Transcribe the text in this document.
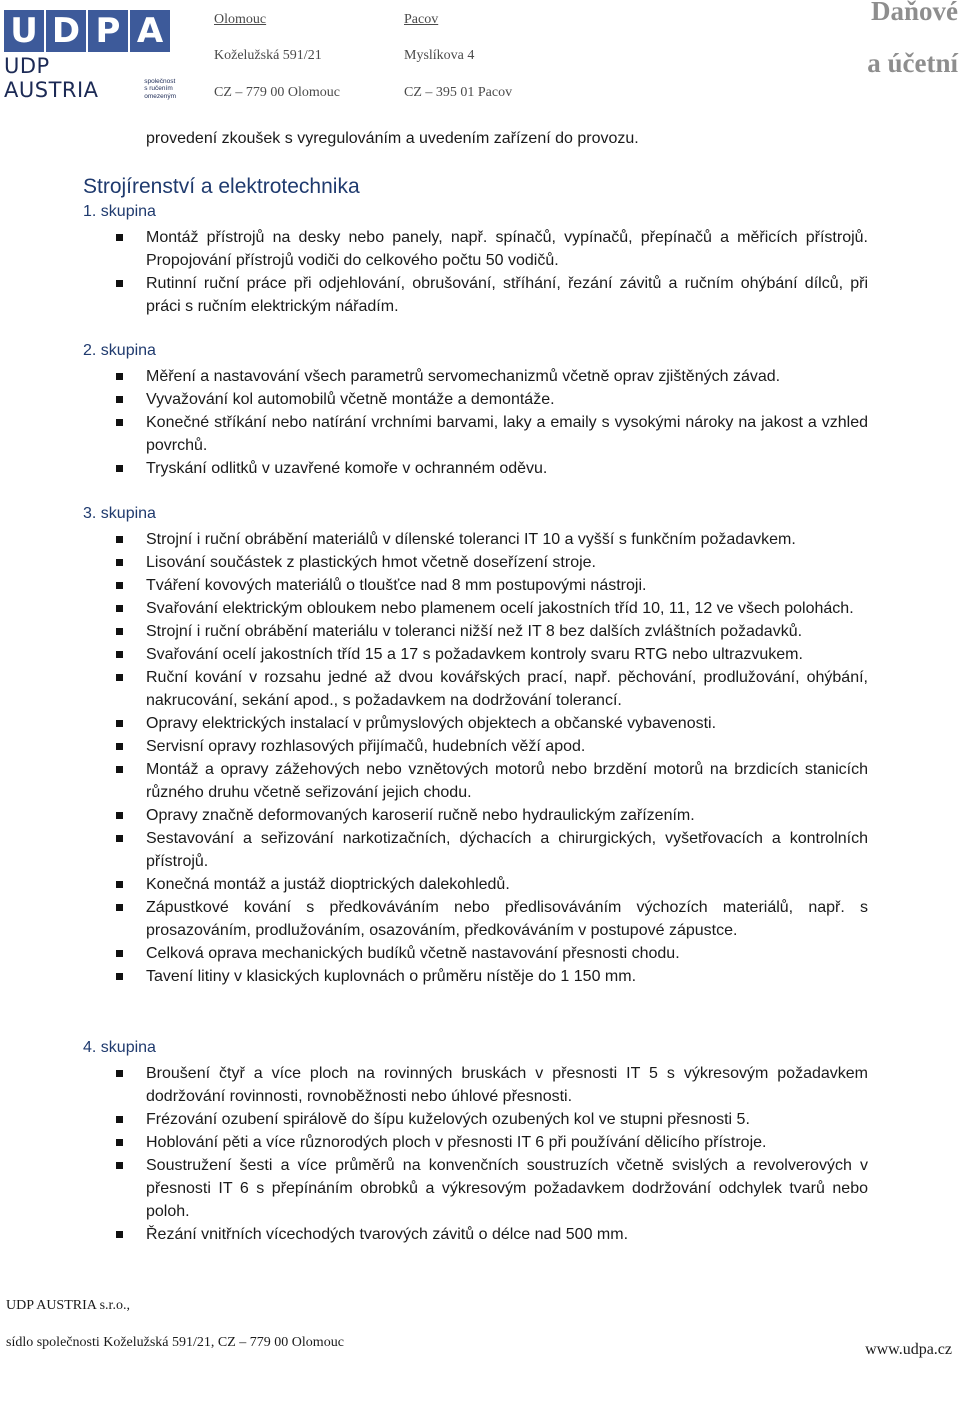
U D P A
UDP AUSTRIA	společnost
s ručením
omezeným
Olomouc
Koželužská 591/21
CZ – 779 00 Olomouc
Pacov
Myslíkova 4
CZ – 395 01 Pacov
Daňové
a účetní
provedení zkoušek s vyregulováním a uvedením zařízení do provozu.
Strojírenství a elektrotechnika
1. skupina
Montáž přístrojů na desky nebo panely, např. spínačů, vypínačů, přepínačů a měřicích přístrojů. Propojování přístrojů vodiči do celkového počtu 50 vodičů.
Rutinní ruční práce při odjehlování, obrušování, stříhání, řezání závitů a ručním ohýbání dílců, při práci s ručním elektrickým nářadím.
2. skupina
Měření a nastavování všech parametrů servomechanizmů včetně oprav zjištěných závad.
Vyvažování kol automobilů včetně montáže a demontáže.
Konečné stříkání nebo natírání vrchními barvami, laky a emaily s vysokými nároky na jakost a vzhled povrchů.
Tryskání odlitků v uzavřené komoře v ochranném oděvu.
3. skupina
Strojní i ruční obrábění materiálů v dílenské toleranci IT 10 a vyšší s funkčním požadavkem.
Lisování součástek z plastických hmot včetně doseřízení stroje.
Tváření kovových materiálů o tloušťce nad 8 mm postupovými nástroji.
Svařování elektrickým obloukem nebo plamenem ocelí jakostních tříd 10, 11, 12 ve všech polohách.
Strojní i ruční obrábění materiálu v toleranci nižší než IT 8 bez dalších zvláštních požadavků.
Svařování ocelí jakostních tříd 15 a 17 s požadavkem kontroly svaru RTG nebo ultrazvukem.
Ruční kování v rozsahu jedné až dvou kovářských prací, např. pěchování, prodlužování, ohýbání, nakrucování, sekání apod., s požadavkem na dodržování tolerancí.
Opravy elektrických instalací v průmyslových objektech a občanské vybavenosti.
Servisní opravy rozhlasových přijímačů, hudebních věží apod.
Montáž a opravy zážehových nebo vznětových motorů nebo brzdění motorů na brzdicích stanicích různého druhu včetně seřizování jejich chodu.
Opravy značně deformovaných karoserií ručně nebo hydraulickým zařízením.
Sestavování a seřizování narkotizačních, dýchacích a chirurgických, vyšetřovacích a kontrolních přístrojů.
Konečná montáž a justáž dioptrických dalekohledů.
Zápustkové kování s předkováváním nebo předlisováváním výchozích materiálů, např. s prosazováním, prodlužováním, osazováním, předkováváním v postupové zápustce.
Celková oprava mechanických budíků včetně nastavování přesnosti chodu.
Tavení litiny v klasických kuplovnách o průměru nístěje do 1 150 mm.
4. skupina
Broušení čtyř a více ploch na rovinných bruskách v přesnosti IT 5 s výkresovým požadavkem dodržování rovinnosti, rovnoběžnosti nebo úhlové přesnosti.
Frézování ozubení spirálově do šípu kuželových ozubených kol ve stupni přesnosti 5.
Hoblování pěti a více různorodých ploch v přesnosti IT 6 při používání dělicího přístroje.
Soustružení šesti a více průměrů na konvenčních soustruzích včetně svislých a revolverových v přesnosti IT 6 s přepínáním obrobků a výkresovým požadavkem dodržování odchylek tvarů nebo poloh.
Řezání vnitřních vícechodých tvarových závitů o délce nad 500 mm.
UDP AUSTRIA s.r.o.,
sídlo společnosti Koželužská 591/21, CZ – 779 00 Olomouc	www.udpa.cz
